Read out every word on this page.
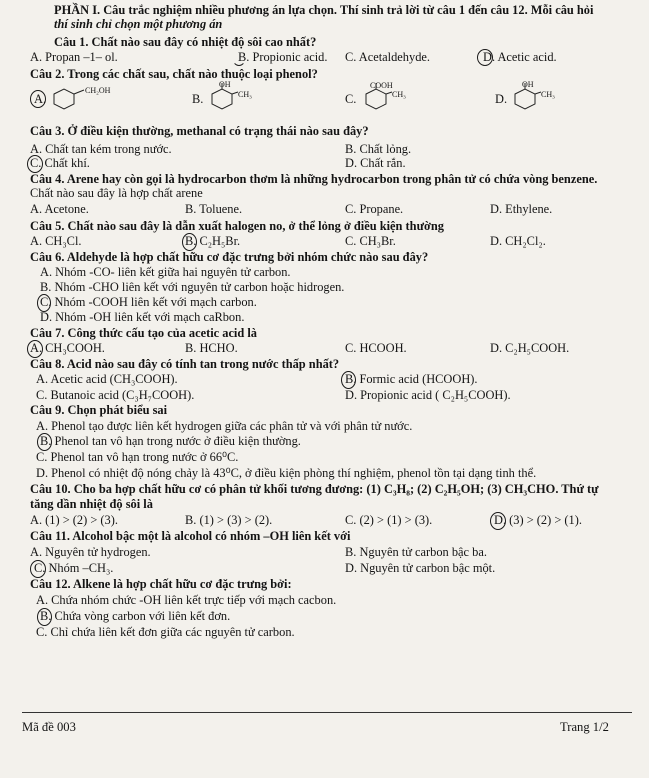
PHẦN I. Câu trắc nghiệm nhiều phương án lựa chọn. Thí sinh trả lời từ câu 1 đến câu 12. Mỗi câu hỏi
thí sinh chỉ chọn một phương án
Câu 1. Chất nào sau đây có nhiệt độ sôi cao nhất?
A. Propan –1– ol.	B. Propionic acid. C. Acetaldehyde.	D. Acetic acid.
Câu 2. Trong các chất sau, chất nào thuộc loại phenol?
A.
CH₂OH
B.
OH
CH₃	C.
COOH
CH₃	D.
OH
CH₃
Câu 3. Ở điều kiện thường, methanal có trạng thái nào sau đây?
A. Chất tan kém trong nước.	B. Chất lỏng.
C. Chất khí.	D. Chất rắn.
Câu 4. Arene hay còn gọi là hydrocarbon thơm là những hydrocarbon trong phân tử có chứa vòng benzene.
Chất nào sau đây là hợp chất arene
A. Acetone.	B. Toluene.	C. Propane.	D. Ethylene.
Câu 5. Chất nào sau đây là dẫn xuất halogen no, ở thể lỏng ở điều kiện thường
A. CH₃Cl.	B. C₂H₅Br.	C. CH₃Br.	D. CH₂Cl₂.
Câu 6. Aldehyde là hợp chất hữu cơ đặc trưng bởi nhóm chức nào sau đây?
A. Nhóm -CO- liên kết giữa hai nguyên tử carbon.
B. Nhóm -CHO liên kết với nguyên tử carbon hoặc hidrogen.
C. Nhóm -COOH liên kết với mạch carbon.
D. Nhóm -OH liên kết với mạch caRbon.
Câu 7. Công thức cấu tạo của acetic acid là
A. CH₃COOH.	B. HCHO.	C. HCOOH.	D. C₂H₅COOH.
Câu 8. Acid nào sau đây có tính tan trong nước thấp nhất?
A. Acetic acid (CH₃COOH).	B. Formic acid (HCOOH).
C. Butanoic acid (C₃H₇COOH).	D. Propionic acid ( C₂H₅COOH).
Câu 9. Chọn phát biểu sai
A. Phenol tạo được liên kết hydrogen giữa các phân tử và với phân tử nước.
B. Phenol tan vô hạn trong nước ở điều kiện thường.
C. Phenol tan vô hạn trong nước ở 66⁰C.
D. Phenol có nhiệt độ nóng chảy là 43⁰C, ở điều kiện phòng thí nghiệm, phenol tồn tại dạng tinh thể.
Câu 10. Cho ba hợp chất hữu cơ có phân tử khối tương đương: (1) C₃H₈; (2) C₂H₅OH; (3) CH₃CHO. Thứ tự
tăng dần nhiệt độ sôi là
A. (1) > (2) > (3).	B. (1) > (3) > (2).	C. (2) > (1) > (3).	D. (3) > (2) > (1).
Câu 11. Alcohol bậc một là alcohol có nhóm –OH liên kết với
A. Nguyên tử hydrogen.	B. Nguyên tử carbon bậc ba.
C. Nhóm –CH₃.	D. Nguyên tử carbon bậc một.
Câu 12. Alkene là hợp chất hữu cơ đặc trưng bởi:
A. Chứa nhóm chức -OH liên kết trực tiếp với mạch cacbon.
B. Chứa vòng carbon với liên kết đơn.
C. Chỉ chứa liên kết đơn giữa các nguyên tử carbon.
Mã đề 003	Trang 1/2
